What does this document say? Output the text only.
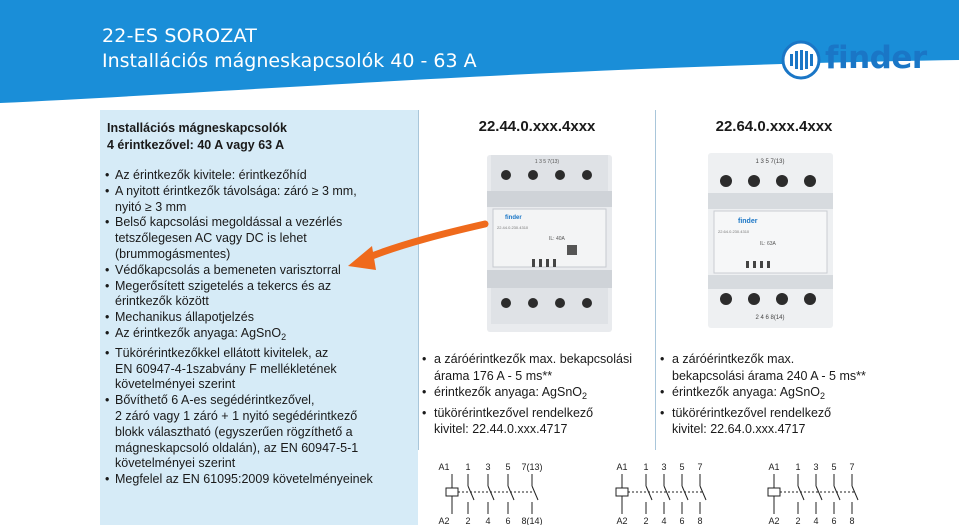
22-ES SOROZAT
Installációs mágneskapcsolók 40 - 63 A	finder
Installációs mágneskapcsolók
4 érintkezővel: 40 A vagy 63 A
• Az érintkezők kivitele: érintkezőhíd
• A nyitott érintkezők távolsága: záró ≥ 3 mm,
nyitó ≥ 3 mm
• Belső kapcsolási megoldással a vezérlés
tetszőlegesen AC vagy DC is lehet
(brummogásmentes)
• Védőkapcsolás a bemeneten varisztorral
• Megerősített szigetelés a tekercs és az
érintkezők között
• Mechanikus állapotjelzés
• Az érintkezők anyaga: AgSnO$_2$
• Tükörérintkezőkkel ellátott kivitelek, az
EN 60947-4-1szabvány F mellékletének
követelményei szerint
• Bővíthető 6 A-es segédérintkezővel,
2 záró vagy 1 záró + 1 nyitó segédérintkező
blokk választható (egyszerűen rögzíthető a
mágneskapcsoló oldalán), az EN 60947-5-1
követelményei szerint
• Megfelel az EN 61095:2009 követelményeinek
22.44.0.xxx.4xxx	22.64.0.xxx.4xxx
1 3 5 7(13)
finder
22.44.0.230.4310
IL: 40A
1 3 5 7(13)
finder
22.64.0.230.4310
IL: 63A
2 4 6 8(14)
• a záróérintkezők max. bekapcsolási
árama 176 A - 5 ms**
• érintkezők anyaga: AgSnO$_2$
• tükörérintkezővel rendelkező
kivitel: 22.44.0.xxx.4717
• a záróérintkezők max.
bekapcsolási árama 240 A - 5 ms**
• érintkezők anyaga: AgSnO$_2$
• tükörérintkezővel rendelkező
kivitel: 22.64.0.xxx.4717
A1 1 3 5 7(13)
A2 2 4 6 8(14)
A1 1 3 5 7
A2 2 4 6 8
A1 1 3 5 7
A2 2 4 6 8
